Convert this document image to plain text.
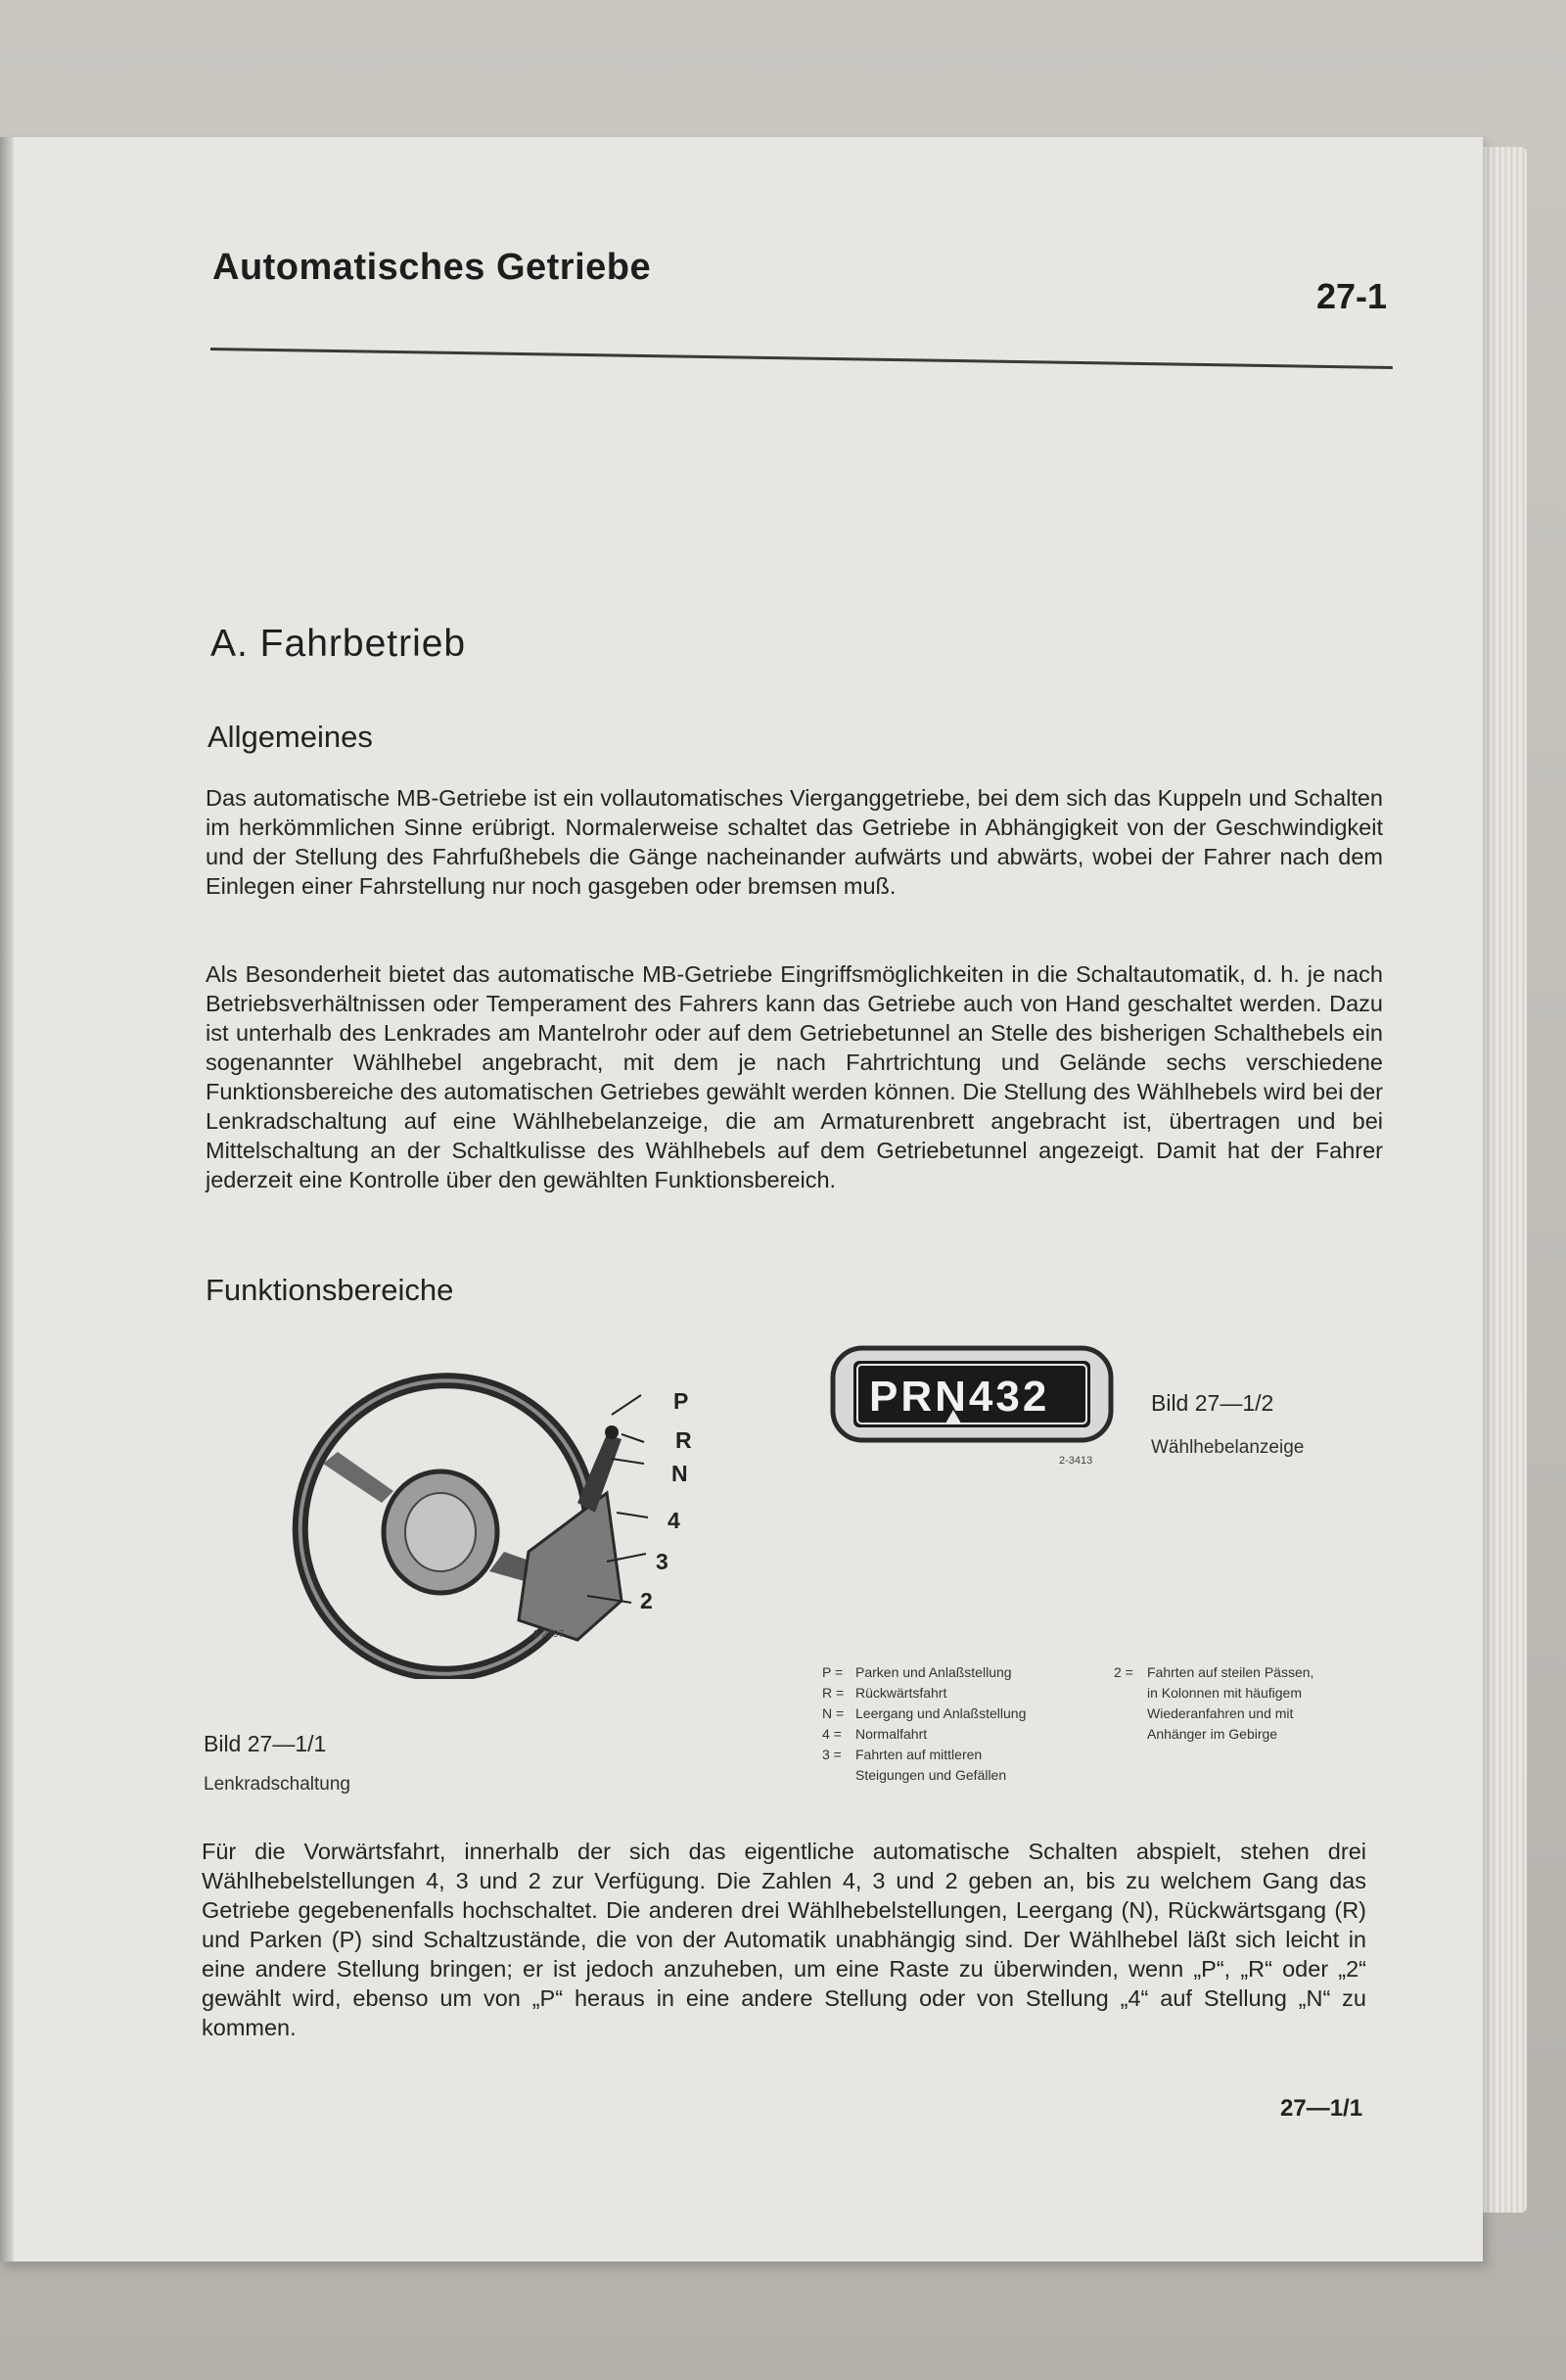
Automatisches Getriebe
27-1
A. Fahrbetrieb
Allgemeines
Das automatische MB-Getriebe ist ein vollautomatisches Vierganggetriebe, bei dem sich das Kuppeln und Schalten im herkömmlichen Sinne erübrigt. Normalerweise schaltet das Getriebe in Abhängigkeit von der Geschwindigkeit und der Stellung des Fahrfußhebels die Gänge nacheinander aufwärts und abwärts, wobei der Fahrer nach dem Einlegen einer Fahrstellung nur noch gasgeben oder bremsen muß.
Als Besonderheit bietet das automatische MB-Getriebe Eingriffsmöglichkeiten in die Schaltautomatik, d. h. je nach Betriebsverhältnissen oder Temperament des Fahrers kann das Getriebe auch von Hand geschaltet werden. Dazu ist unterhalb des Lenkrades am Mantelrohr oder auf dem Getriebetunnel an Stelle des bisherigen Schalthebels ein sogenannter Wählhebel angebracht, mit dem je nach Fahrtrichtung und Gelände sechs verschiedene Funktionsbereiche des automatischen Getriebes gewählt werden können. Die Stellung des Wählhebels wird bei der Lenkradschaltung auf eine Wählhebelanzeige, die am Armaturenbrett angebracht ist, übertragen und bei Mittelschaltung an der Schaltkulisse des Wählhebels auf dem Getriebetunnel angezeigt. Damit hat der Fahrer jederzeit eine Kontrolle über den gewählten Funktionsbereich.
Funktionsbereiche
2-2597
P
R
N
4
3
2
Bild 27—1/1
Lenkradschaltung
PRN432
2-3413
Bild 27—1/2
Wählhebelanzeige
P = Parken und Anlaßstellung
R = Rückwärtsfahrt
N = Leergang und Anlaßstellung
4 = Normalfahrt
3 = Fahrten auf mittleren
Steigungen und Gefällen
2 = Fahrten auf steilen Pässen,
in Kolonnen mit häufigem
Wiederanfahren und mit
Anhänger im Gebirge
Für die Vorwärtsfahrt, innerhalb der sich das eigentliche automatische Schalten abspielt, stehen drei Wählhebelstellungen 4, 3 und 2 zur Verfügung. Die Zahlen 4, 3 und 2 geben an, bis zu welchem Gang das Getriebe gegebenenfalls hochschaltet. Die anderen drei Wählhebelstellungen, Leergang (N), Rückwärtsgang (R) und Parken (P) sind Schaltzustände, die von der Automatik unabhängig sind. Der Wählhebel läßt sich leicht in eine andere Stellung bringen; er ist jedoch anzuheben, um eine Raste zu überwinden, wenn „P“, „R“ oder „2“ gewählt wird, ebenso um von „P“ heraus in eine andere Stellung oder von Stellung „4“ auf Stellung „N“ zu kommen.
27—1/1
